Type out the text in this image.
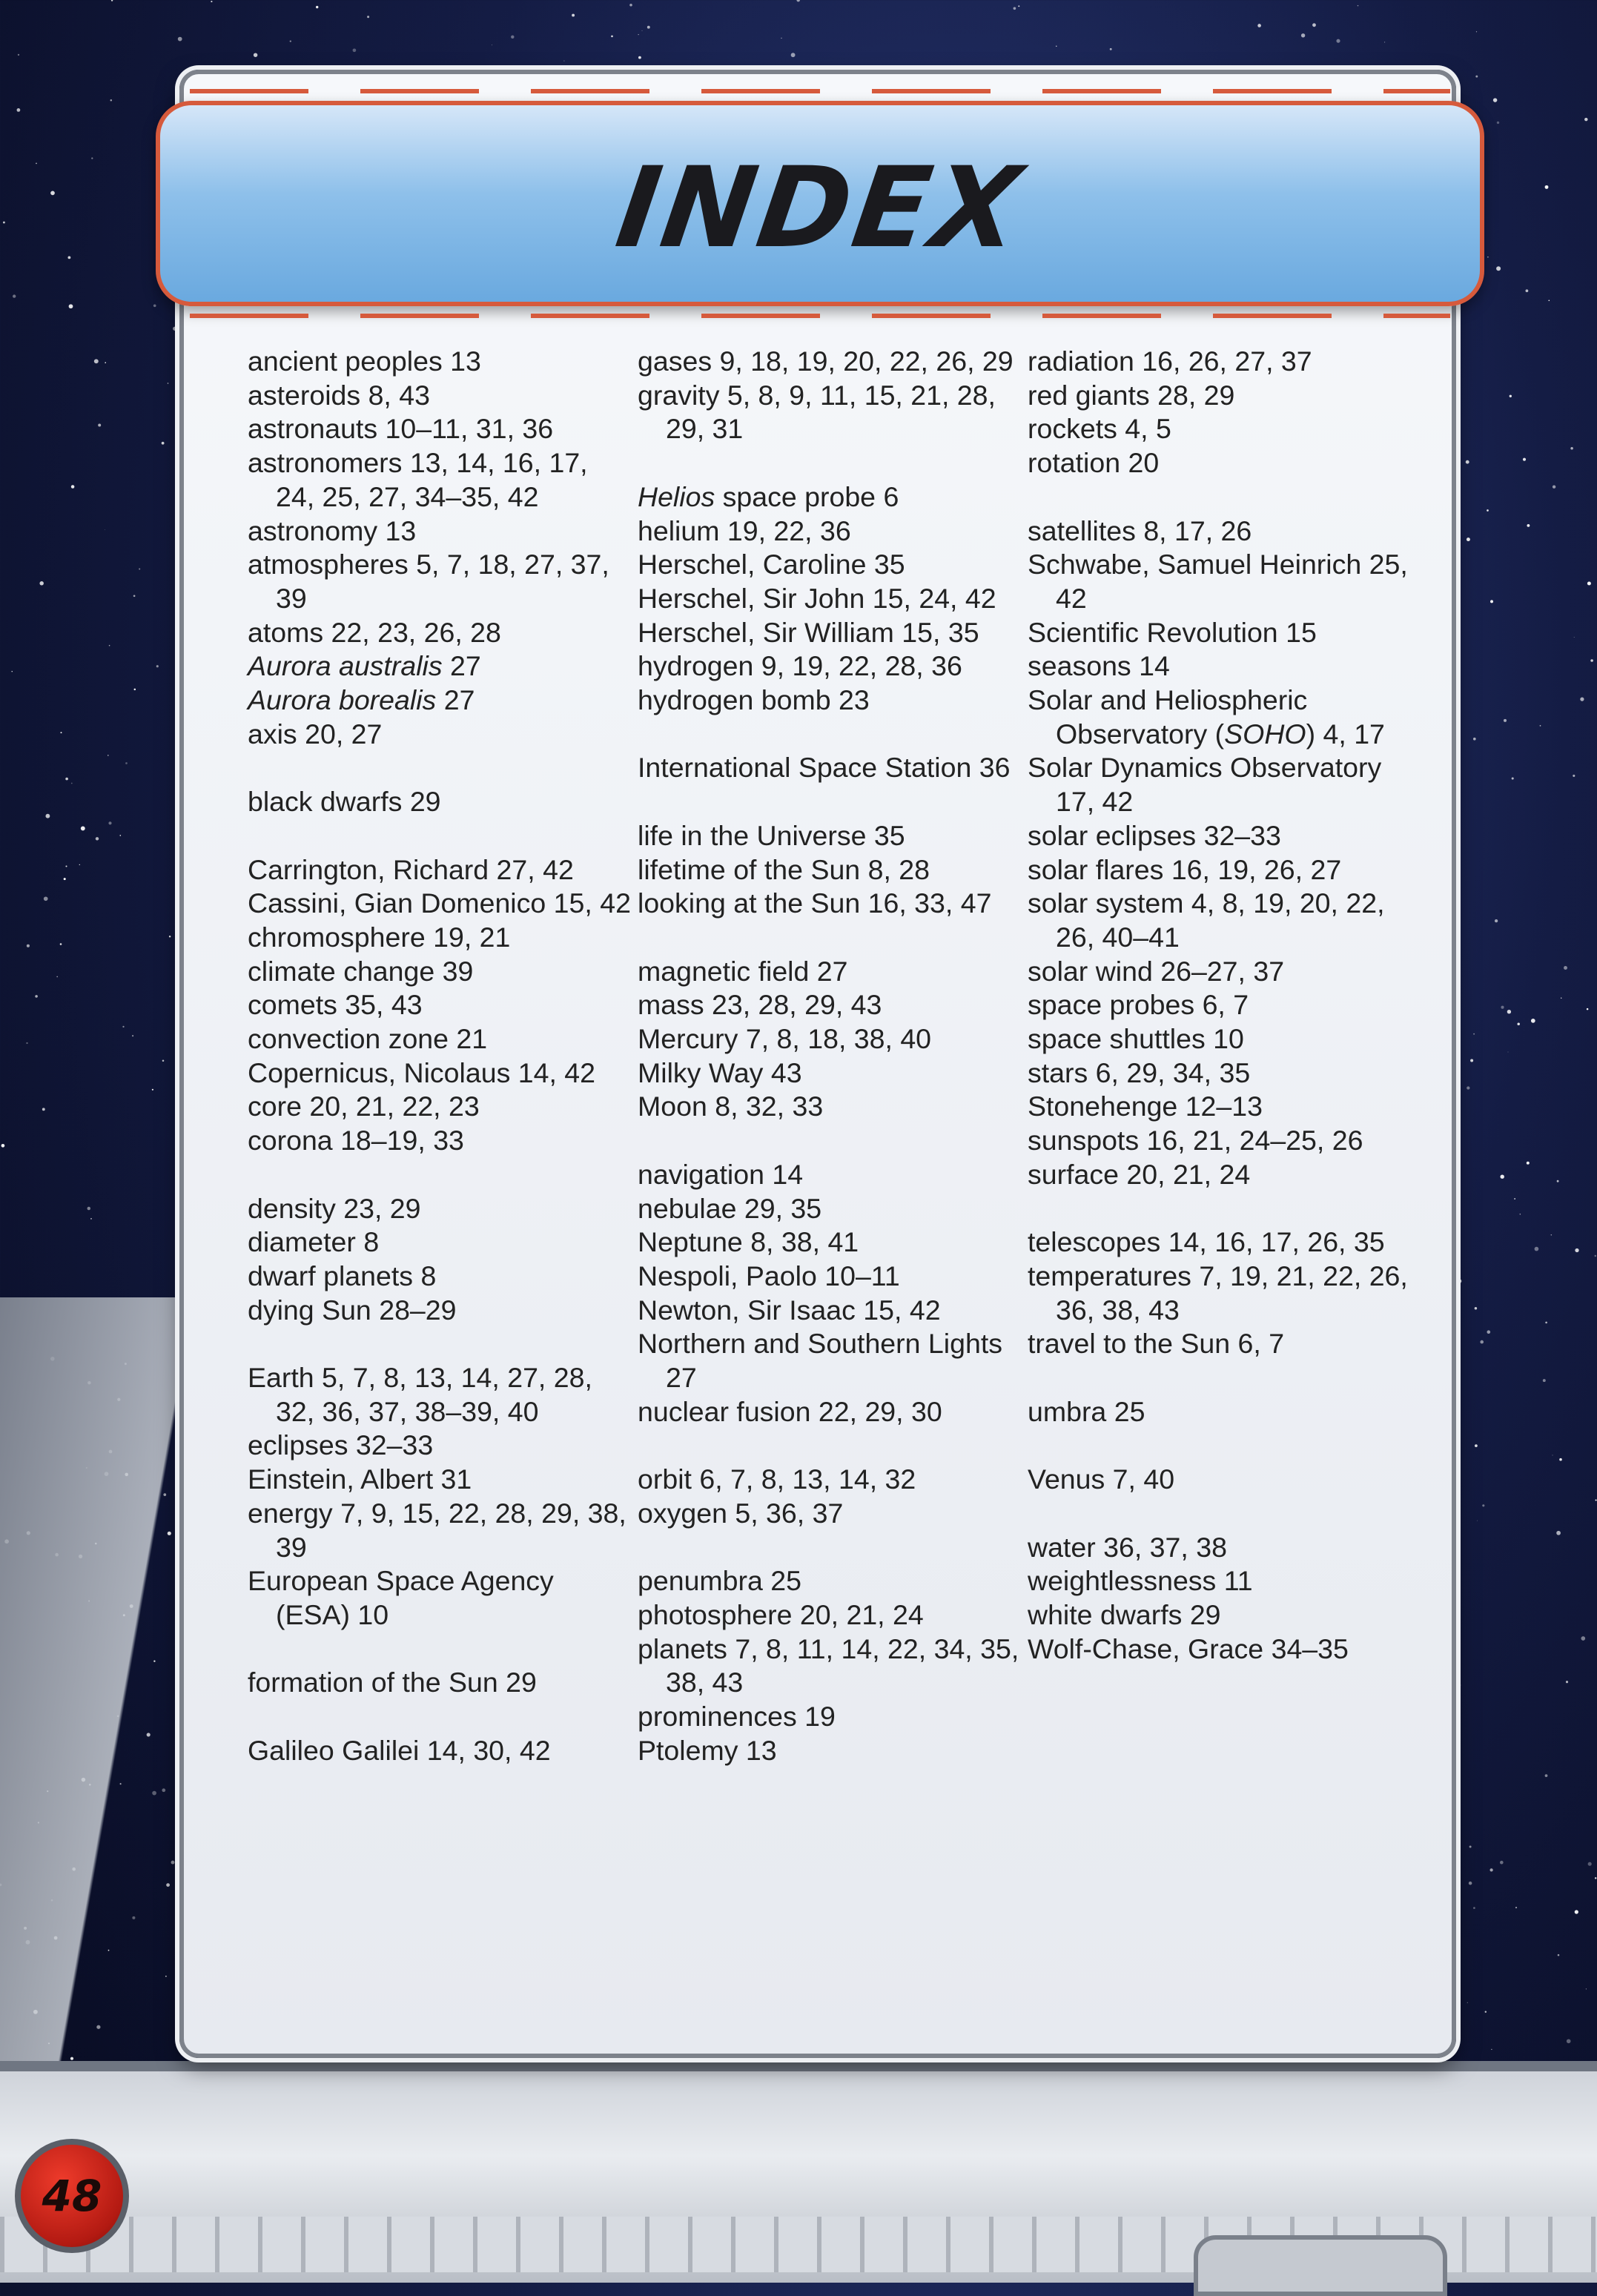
INDEX
ancient peoples 13
asteroids 8, 43
astronauts 10–11, 31, 36
astronomers 13, 14, 16, 17, 24, 25, 27, 34–35, 42
astronomy 13
atmospheres 5, 7, 18, 27, 37, 39
atoms 22, 23, 26, 28
Aurora australis 27
Aurora borealis 27
axis 20, 27
black dwarfs 29
Carrington, Richard 27, 42
Cassini, Gian Domenico 15, 42
chromosphere 19, 21
climate change 39
comets 35, 43
convection zone 21
Copernicus, Nicolaus 14, 42
core 20, 21, 22, 23
corona 18–19, 33
density 23, 29
diameter 8
dwarf planets 8
dying Sun 28–29
Earth 5, 7, 8, 13, 14, 27, 28, 32, 36, 37, 38–39, 40
eclipses 32–33
Einstein, Albert 31
energy 7, 9, 15, 22, 28, 29, 38, 39
European Space Agency (ESA) 10
formation of the Sun 29
Galileo Galilei 14, 30, 42
gases 9, 18, 19, 20, 22, 26, 29
gravity 5, 8, 9, 11, 15, 21, 28, 29, 31
Helios space probe 6
helium 19, 22, 36
Herschel, Caroline 35
Herschel, Sir John 15, 24, 42
Herschel, Sir William 15, 35
hydrogen 9, 19, 22, 28, 36
hydrogen bomb 23
International Space Station 36
life in the Universe 35
lifetime of the Sun 8, 28
looking at the Sun 16, 33, 47
magnetic field 27
mass 23, 28, 29, 43
Mercury 7, 8, 18, 38, 40
Milky Way 43
Moon 8, 32, 33
navigation 14
nebulae 29, 35
Neptune 8, 38, 41
Nespoli, Paolo 10–11
Newton, Sir Isaac 15, 42
Northern and Southern Lights 27
nuclear fusion 22, 29, 30
orbit 6, 7, 8, 13, 14, 32
oxygen 5, 36, 37
penumbra 25
photosphere 20, 21, 24
planets 7, 8, 11, 14, 22, 34, 35, 38, 43
prominences 19
Ptolemy 13
radiation 16, 26, 27, 37
red giants 28, 29
rockets 4, 5
rotation 20
satellites 8, 17, 26
Schwabe, Samuel Heinrich 25, 42
Scientific Revolution 15
seasons 14
Solar and Heliospheric Observatory (SOHO) 4, 17
Solar Dynamics Observatory 17, 42
solar eclipses 32–33
solar flares 16, 19, 26, 27
solar system 4, 8, 19, 20, 22, 26, 40–41
solar wind 26–27, 37
space probes 6, 7
space shuttles 10
stars 6, 29, 34, 35
Stonehenge 12–13
sunspots 16, 21, 24–25, 26
surface 20, 21, 24
telescopes 14, 16, 17, 26, 35
temperatures 7, 19, 21, 22, 26, 36, 38, 43
travel to the Sun 6, 7
umbra 25
Venus 7, 40
water 36, 37, 38
weightlessness 11
white dwarfs 29
Wolf-Chase, Grace 34–35
48
